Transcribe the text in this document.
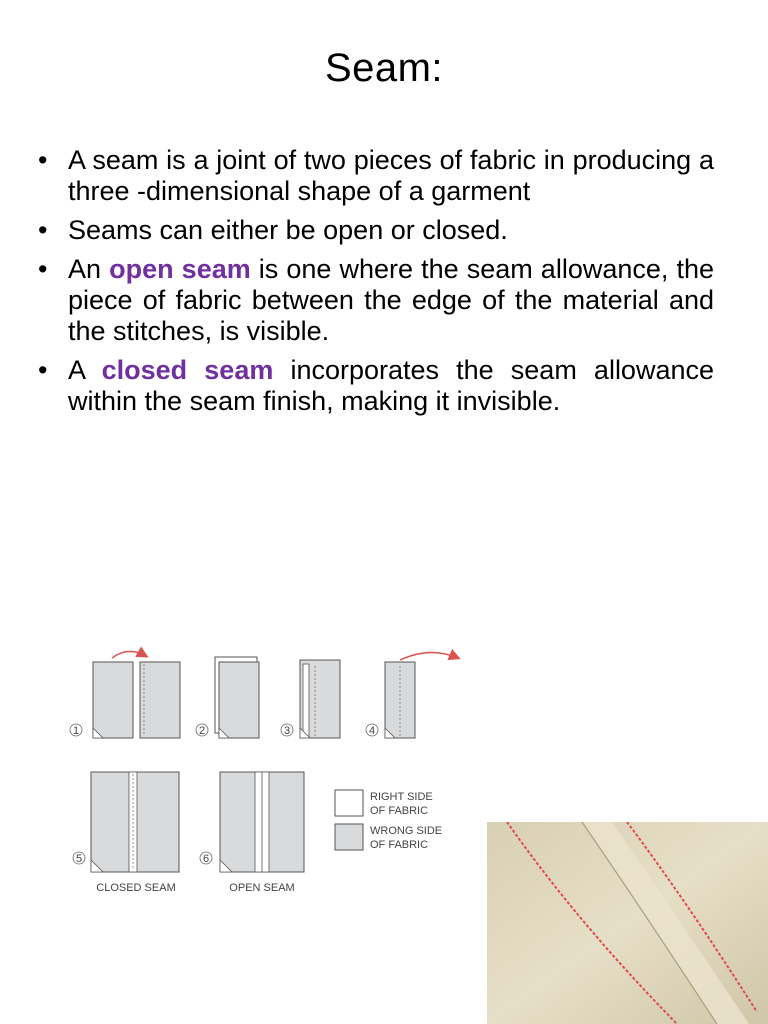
Seam:
• A seam is a joint of two pieces of fabric in producing a three -dimensional shape of a garment
• Seams can either be open or closed.
• An open seam is one where the seam allowance, the piece of fabric between the edge of the material and the stitches, is visible.
• A closed seam incorporates the seam allowance within the seam finish, making it invisible.
1	2	3	4
5
CLOSED SEAM
6
OPEN SEAM
RIGHT SIDE
OF FABRIC
WRONG SIDE
OF FABRIC
